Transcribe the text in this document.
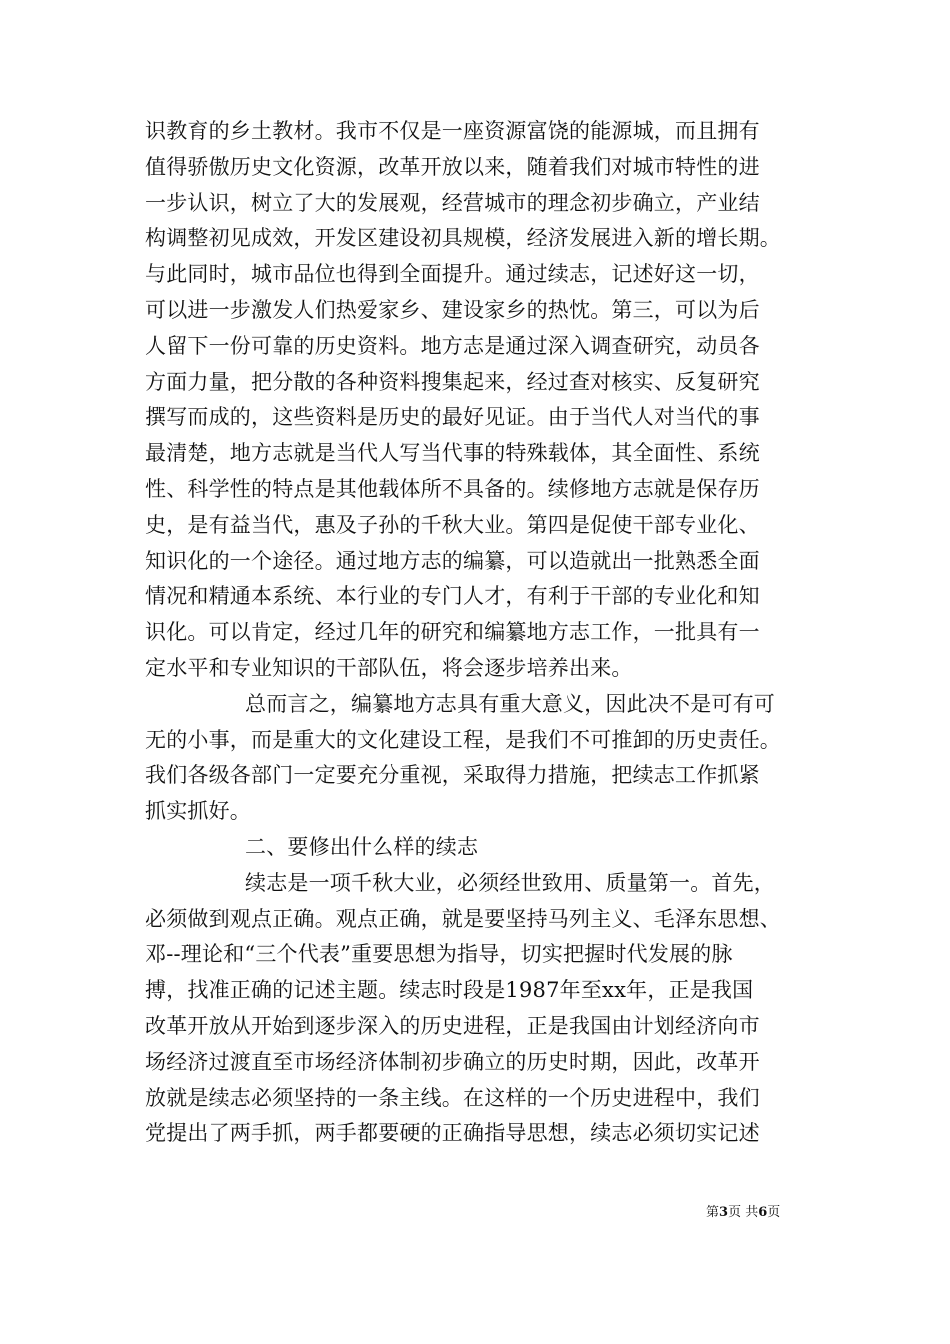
识教育的乡土教材。我市不仅是一座资源富饶的能源城，而且拥有
值得骄傲历史文化资源，改革开放以来，随着我们对城市特性的进
一步认识，树立了大的发展观，经营城市的理念初步确立，产业结
构调整初见成效，开发区建设初具规模，经济发展进入新的增长期。
与此同时，城市品位也得到全面提升。通过续志，记述好这一切，
可以进一步激发人们热爱家乡、建设家乡的热忱。第三，可以为后
人留下一份可靠的历史资料。地方志是通过深入调查研究，动员各
方面力量，把分散的各种资料搜集起来，经过查对核实、反复研究
撰写而成的，这些资料是历史的最好见证。由于当代人对当代的事
最清楚，地方志就是当代人写当代事的特殊载体，其全面性、系统
性、科学性的特点是其他载体所不具备的。续修地方志就是保存历
史，是有益当代，惠及子孙的千秋大业。第四是促使干部专业化、
知识化的一个途径。通过地方志的编纂，可以造就出一批熟悉全面
情况和精通本系统、本行业的专门人才，有利于干部的专业化和知
识化。可以肯定，经过几年的研究和编纂地方志工作，一批具有一
定水平和专业知识的干部队伍，将会逐步培养出来。
总而言之，编纂地方志具有重大意义，因此决不是可有可
无的小事，而是重大的文化建设工程，是我们不可推卸的历史责任。
我们各级各部门一定要充分重视，采取得力措施，把续志工作抓紧
抓实抓好。
二、要修出什么样的续志
续志是一项千秋大业，必须经世致用、质量第一。首先，
必须做到观点正确。观点正确，就是要坚持马列主义、毛泽东思想、
邓--理论和“三个代表”重要思想为指导，切实把握时代发展的脉
搏，找准正确的记述主题。续志时段是1987年至xx年，正是我国
改革开放从开始到逐步深入的历史进程，正是我国由计划经济向市
场经济过渡直至市场经济体制初步确立的历史时期，因此，改革开
放就是续志必须坚持的一条主线。在这样的一个历史进程中，我们
党提出了两手抓，两手都要硬的正确指导思想，续志必须切实记述
第3页 共6页
